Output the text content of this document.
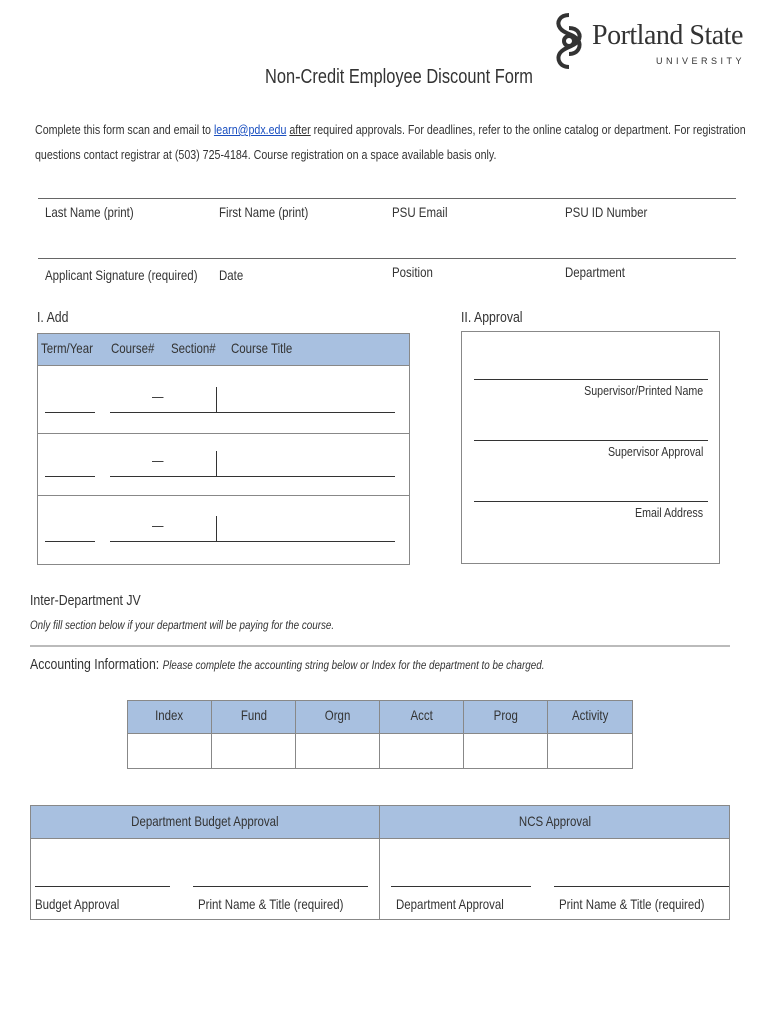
Portland State
UNIVERSITY
Non-Credit Employee Discount Form
Complete this form scan and email to learn@pdx.edu after required approvals. For deadlines, refer to the online catalog or department. For registration
questions contact registrar at (503) 725-4184. Course registration on a space available basis only.
Last Name (print)	First Name (print)	PSU Email	PSU ID Number
Applicant Signature (required) Date	Position	Department
I. Add
Term/Year Course# Section# Course Title
—
—
—
II. Approval
Supervisor/Printed Name
Supervisor Approval
Email Address
Inter-Department JV
Only fill section below if your department will be paying for the course.
Accounting Information: Please complete the accounting string below or Index for the department to be charged.
Index	Fund	Orgn	Acct	Prog	Activity
Department Budget Approval	NCS Approval
Budget Approval	Print Name & Title (required)	Department Approval	Print Name & Title (required)
